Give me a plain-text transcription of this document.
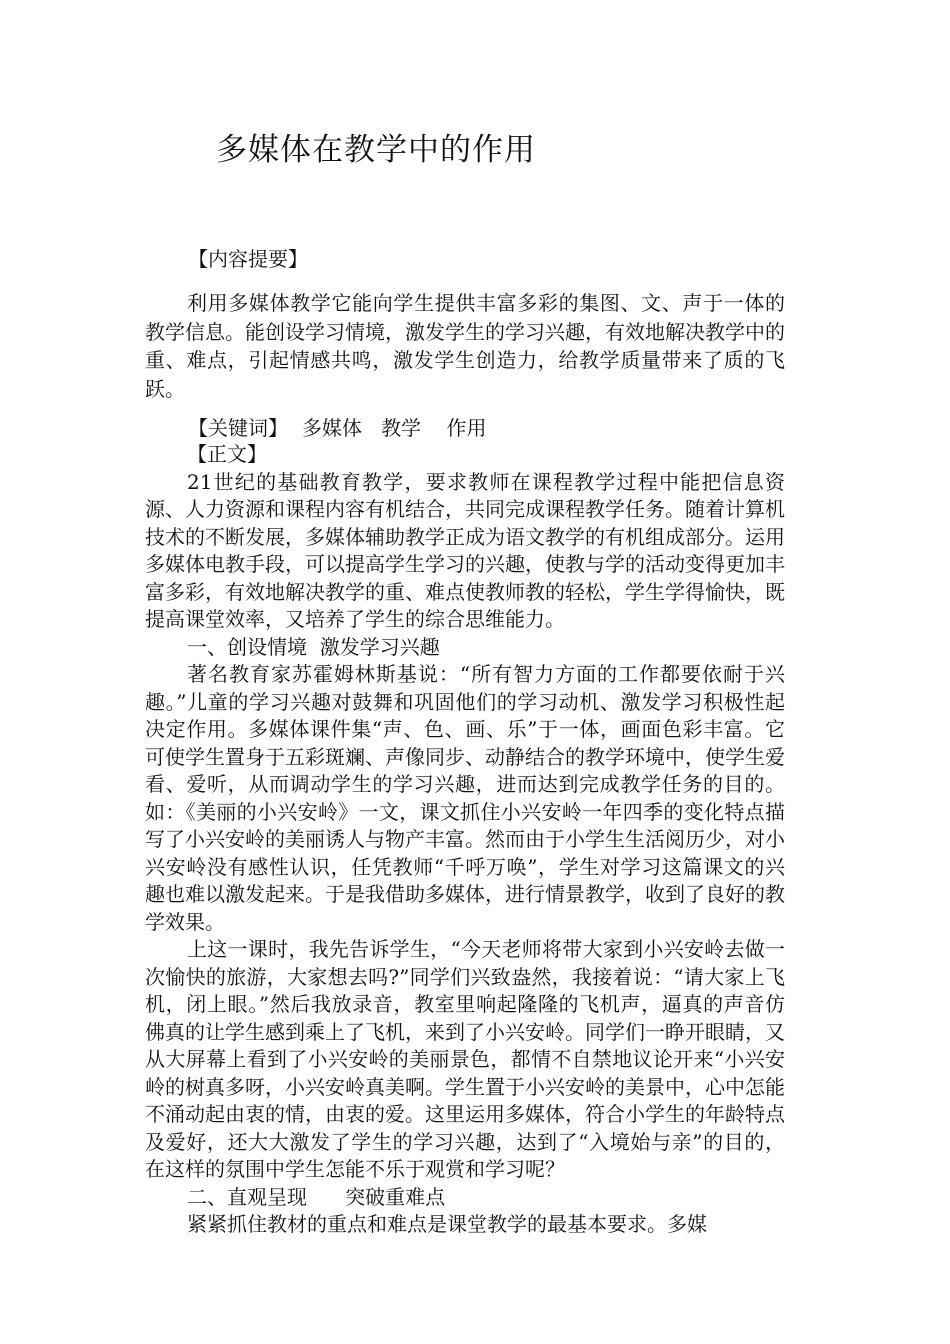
多媒体在教学中的作用
【内容提要】

利用多媒体教学它能向学生提供丰富多彩的集图、文、声于一体的教学信息。能创设学习情境，激发学生的学习兴趣，有效地解决教学中的重、难点，引起情感共鸣，激发学生创造力，给教学质量带来了质的飞跃。

【关键词】 多媒体   教学    作用
【正文】

21世纪的基础教育教学，要求教师在课程教学过程中能把信息资源、人力资源和课程内容有机结合，共同完成课程教学任务。随着计算机技术的不断发展，多媒体辅助教学正成为语文教学的有机组成部分。运用多媒体电教手段，可以提高学生学习的兴趣，使教与学的活动变得更加丰富多彩，有效地解决教学的重、难点使教师教的轻松，学生学得愉快，既提高课堂效率，又培养了学生的综合思维能力。

一、创设情境  激发学习兴趣

著名教育家苏霍姆林斯基说：“所有智力方面的工作都要依耐于兴趣。”儿童的学习兴趣对鼓舞和巩固他们的学习动机、激发学习积极性起决定作用。多媒体课件集“声、色、画、乐”于一体，画面色彩丰富。它可使学生置身于五彩斑斓、声像同步、动静结合的教学环境中，使学生爱看、爱听，从而调动学生的学习兴趣，进而达到完成教学任务的目的。如：《美丽的小兴安岭》一文，课文抓住小兴安岭一年四季的变化特点描写了小兴安岭的美丽诱人与物产丰富。然而由于小学生生活阅历少，对小兴安岭没有感性认识，任凭教师“千呼万唤”，学生对学习这篇课文的兴趣也难以激发起来。于是我借助多媒体，进行情景教学，收到了良好的教学效果。

上这一课时，我先告诉学生，“今天老师将带大家到小兴安岭去做一次愉快的旅游，大家想去吗?”同学们兴致盎然，我接着说：“请大家上飞机，闭上眼。”然后我放录音，教室里响起隆隆的飞机声，逼真的声音仿佛真的让学生感到乘上了飞机，来到了小兴安岭。同学们一睁开眼睛，又从大屏幕上看到了小兴安岭的美丽景色，都情不自禁地议论开来“小兴安岭的树真多呀，小兴安岭真美啊。学生置于小兴安岭的美景中，心中怎能不涌动起由衷的情，由衷的爱。这里运用多媒体，符合小学生的年龄特点及爱好，还大大激发了学生的学习兴趣，达到了“入境始与亲”的目的，在这样的氛围中学生怎能不乐于观赏和学习呢？

二、直观呈现      突破重难点

紧紧抓住教材的重点和难点是课堂教学的最基本要求。多媒
